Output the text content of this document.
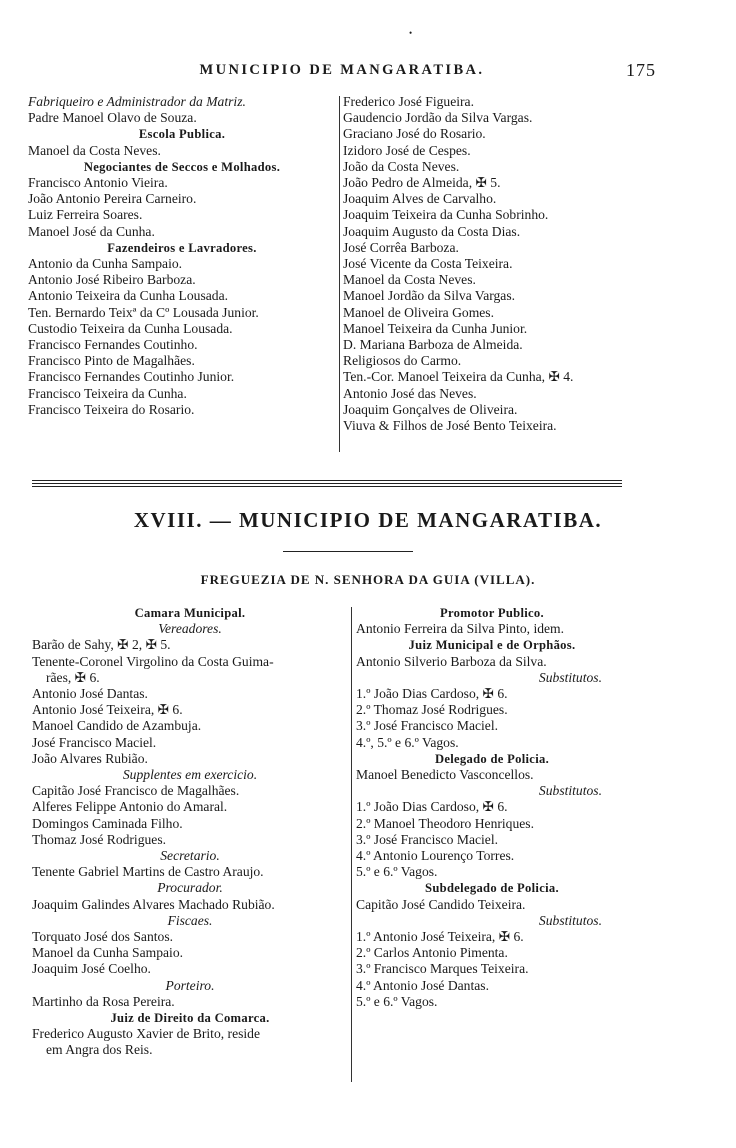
•
MUNICIPIO DE MANGARATIBA.	175
Fabriqueiro e Administrador da Matriz.
Padre Manoel Olavo de Souza.
Escola Publica.
Manoel da Costa Neves.
Negociantes de Seccos e Molhados.
Francisco Antonio Vieira.
João Antonio Pereira Carneiro.
Luiz Ferreira Soares.
Manoel José da Cunha.
Fazendeiros e Lavradores.
Antonio da Cunha Sampaio.
Antonio José Ribeiro Barboza.
Antonio Teixeira da Cunha Lousada.
Ten. Bernardo Teixª da Cº Lousada Junior.
Custodio Teixeira da Cunha Lousada.
Francisco Fernandes Coutinho.
Francisco Pinto de Magalhães.
Francisco Fernandes Coutinho Junior.
Francisco Teixeira da Cunha.
Francisco Teixeira do Rosario.
Frederico José Figueira.
Gaudencio Jordão da Silva Vargas.
Graciano José do Rosario.
Izidoro José de Cespes.
João da Costa Neves.
João Pedro de Almeida, ✠ 5.
Joaquim Alves de Carvalho.
Joaquim Teixeira da Cunha Sobrinho.
Joaquim Augusto da Costa Dias.
José Corrêa Barboza.
José Vicente da Costa Teixeira.
Manoel da Costa Neves.
Manoel Jordão da Silva Vargas.
Manoel de Oliveira Gomes.
Manoel Teixeira da Cunha Junior.
D. Mariana Barboza de Almeida.
Religiosos do Carmo.
Ten.-Cor. Manoel Teixeira da Cunha, ✠ 4.
Antonio José das Neves.
Joaquim Gonçalves de Oliveira.
Viuva & Filhos de José Bento Teixeira.
XVIII. — MUNICIPIO DE MANGARATIBA.
FREGUEZIA DE N. SENHORA DA GUIA (VILLA).
Camara Municipal.
Vereadores.
Barão de Sahy, ✠ 2, ✠ 5.
Tenente-Coronel Virgolino da Costa Guima-
rães, ✠ 6.
Antonio José Dantas.
Antonio José Teixeira, ✠ 6.
Manoel Candido de Azambuja.
José Francisco Maciel.
João Alvares Rubião.
Supplentes em exercicio.
Capitão José Francisco de Magalhães.
Alferes Felippe Antonio do Amaral.
Domingos Caminada Filho.
Thomaz José Rodrigues.
Secretario.
Tenente Gabriel Martins de Castro Araujo.
Procurador.
Joaquim Galindes Alvares Machado Rubião.
Fiscaes.
Torquato José dos Santos.
Manoel da Cunha Sampaio.
Joaquim José Coelho.
Porteiro.
Martinho da Rosa Pereira.
Juiz de Direito da Comarca.
Frederico Augusto Xavier de Brito, reside
em Angra dos Reis.
Promotor Publico.
Antonio Ferreira da Silva Pinto, idem.
Juiz Municipal e de Orphãos.
Antonio Silverio Barboza da Silva.
Substitutos.
1.º João Dias Cardoso, ✠ 6.
2.º Thomaz José Rodrigues.
3.º José Francisco Maciel.
4.º, 5.º e 6.º Vagos.
Delegado de Policia.
Manoel Benedicto Vasconcellos.
Substitutos.
1.º João Dias Cardoso, ✠ 6.
2.º Manoel Theodoro Henriques.
3.º José Francisco Maciel.
4.º Antonio Lourenço Torres.
5.º e 6.º Vagos.
Subdelegado de Policia.
Capitão José Candido Teixeira.
Substitutos.
1.º Antonio José Teixeira, ✠ 6.
2.º Carlos Antonio Pimenta.
3.º Francisco Marques Teixeira.
4.º Antonio José Dantas.
5.º e 6.º Vagos.
